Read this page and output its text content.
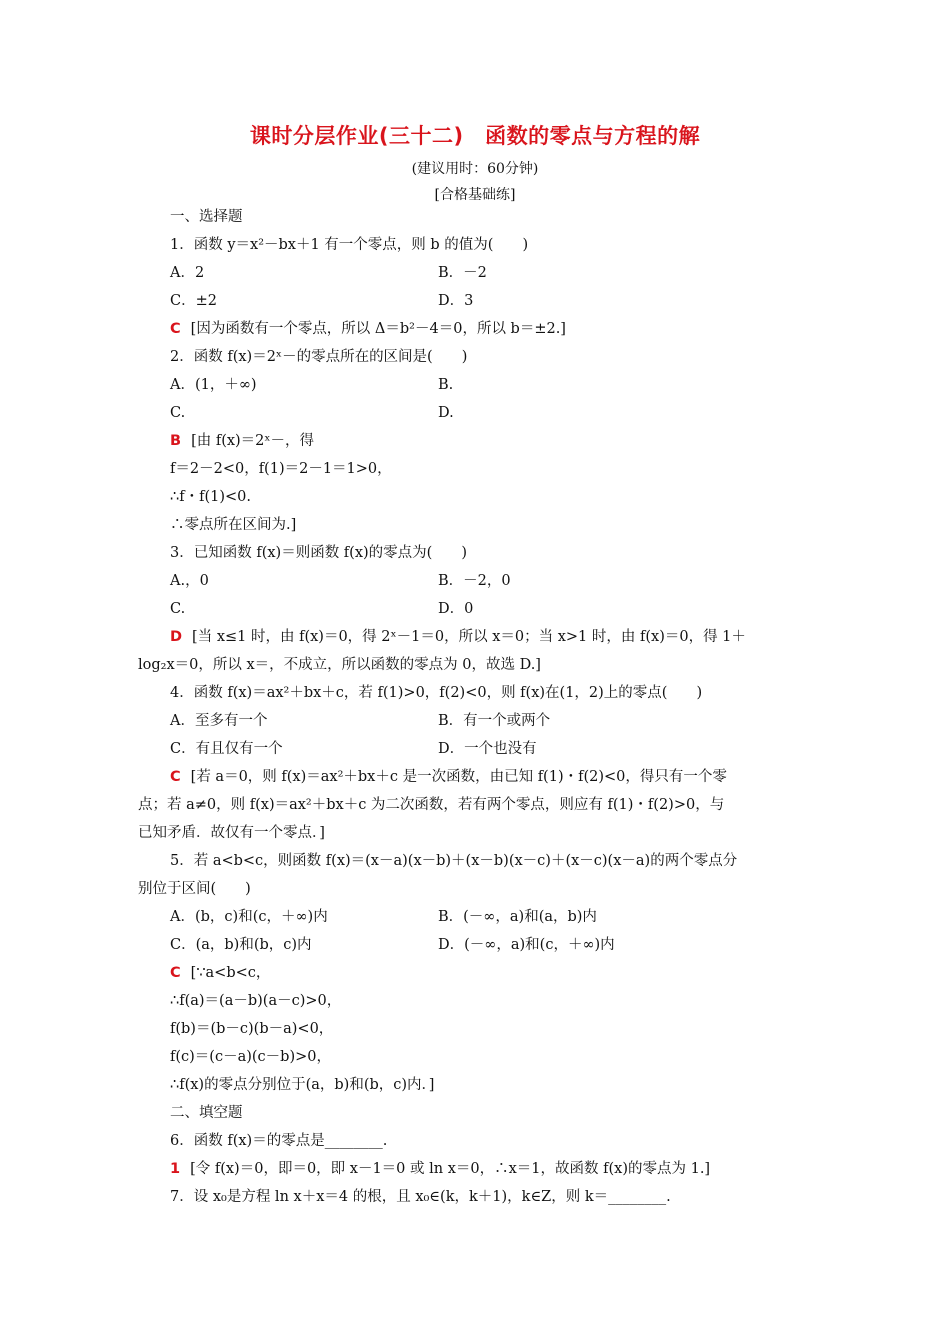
课时分层作业(三十二)　函数的零点与方程的解
(建议用时：60分钟)
[合格基础练]
一、选择题
1．函数 y＝x²－bx＋1 有一个零点，则 b 的值为(　　)
A．2	B．－2
C．±2	D．3
C [因为函数有一个零点，所以 Δ＝b²－4＝0，所以 b＝±2.]
2．函数 f(x)＝2ˣ－的零点所在的区间是(　　)
A．(1，＋∞)	B.
C.	D.
B [由 f(x)＝2ˣ－，得
f＝2－2<0，f(1)＝2－1＝1>0，
∴f・f(1)<0.
∴零点所在区间为.]
3．已知函数 f(x)＝则函数 f(x)的零点为(　　)
A.，0	B．－2，0
C.	D．0
D [当 x≤1 时，由 f(x)＝0，得 2ˣ－1＝0，所以 x＝0；当 x>1 时，由 f(x)＝0，得 1＋
log₂x＝0，所以 x＝，不成立，所以函数的零点为 0，故选 D.]
4．函数 f(x)＝ax²＋bx＋c，若 f(1)>0，f(2)<0，则 f(x)在(1，2)上的零点(　　)
A．至多有一个	B．有一个或两个
C．有且仅有一个	D．一个也没有
C [若 a＝0，则 f(x)＝ax²＋bx＋c 是一次函数，由已知 f(1)・f(2)<0，得只有一个零
点；若 a≠0，则 f(x)＝ax²＋bx＋c 为二次函数，若有两个零点，则应有 f(1)・f(2)>0，与
已知矛盾．故仅有一个零点．]
5．若 a<b<c，则函数 f(x)＝(x－a)(x－b)＋(x－b)(x－c)＋(x－c)(x－a)的两个零点分
别位于区间(　　)
A．(b，c)和(c，＋∞)内	B．(－∞，a)和(a，b)内
C．(a，b)和(b，c)内	D．(－∞，a)和(c，＋∞)内
C [∵a<b<c，
∴f(a)＝(a－b)(a－c)>0，
f(b)＝(b－c)(b－a)<0，
f(c)＝(c－a)(c－b)>0，
∴f(x)的零点分别位于(a，b)和(b，c)内．]
二、填空题
6．函数 f(x)＝的零点是________.
1 [令 f(x)＝0，即＝0，即 x－1＝0 或 ln x＝0，∴x＝1，故函数 f(x)的零点为 1.]
7．设 x₀是方程 ln x＋x＝4 的根，且 x₀∈(k，k＋1)，k∈Z，则 k＝________.
